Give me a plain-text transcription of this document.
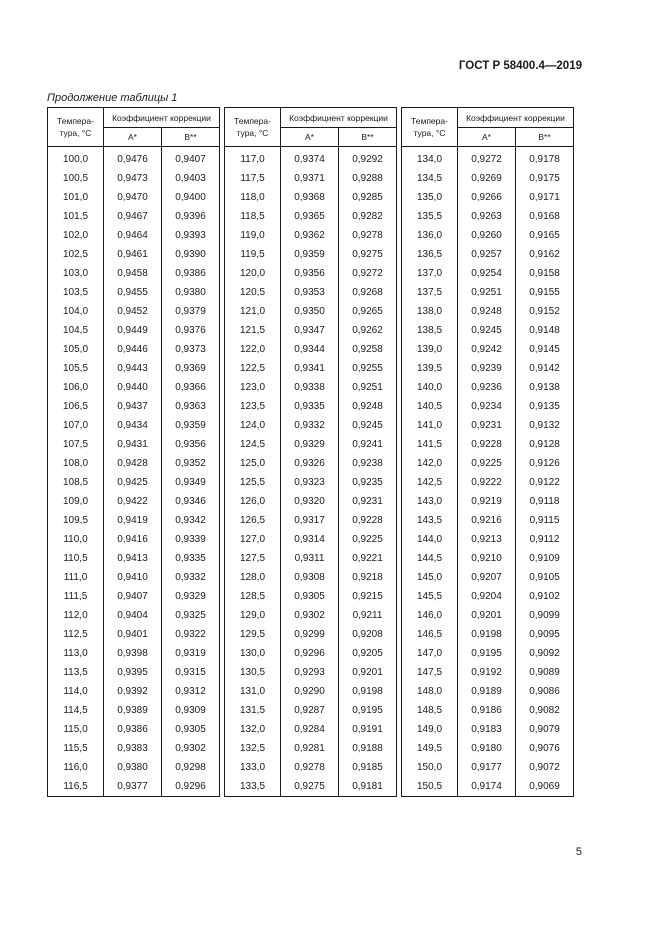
ГОСТ Р 58400.4—2019
Продолжение таблицы 1
Темпера-
тура, °С	Коэффициент коррекции	
	A*	B**

100,0	0,9476	0,9407
100,5	0,9473	0,9403
101,0	0,9470	0,9400
101,5	0,9467	0,9396
102,0	0,9464	0,9393
102,5	0,9461	0,9390
103,0	0,9458	0,9386
103,5	0,9455	0,9380
104,0	0,9452	0,9379
104,5	0,9449	0,9376
105,0	0,9446	0,9373
105,5	0,9443	0,9369
106,0	0,9440	0,9366
106,5	0,9437	0,9363
107,0	0,9434	0,9359
107,5	0,9431	0,9356
108,0	0,9428	0,9352
108,5	0,9425	0,9349
109,0	0,9422	0,9346
109,5	0,9419	0,9342
110,0	0,9416	0,9339
110,5	0,9413	0,9335
111,0	0,9410	0,9332
111,5	0,9407	0,9329
112,0	0,9404	0,9325
112,5	0,9401	0,9322
113,0	0,9398	0,9319
113,5	0,9395	0,9315
114,0	0,9392	0,9312
114,5	0,9389	0,9309
115,0	0,9386	0,9305
115,5	0,9383	0,9302
116,0	0,9380	0,9298
116,5	0,9377	0,9296
Темпера-
тура, °С	Коэффициент коррекции	
	A*	B**

117,0	0,9374	0,9292
117,5	0,9371	0,9288
118,0	0,9368	0,9285
118,5	0,9365	0,9282
119,0	0,9362	0,9278
119,5	0,9359	0,9275
120,0	0,9356	0,9272
120,5	0,9353	0,9268
121,0	0,9350	0,9265
121,5	0,9347	0,9262
122,0	0,9344	0,9258
122,5	0,9341	0,9255
123,0	0,9338	0,9251
123,5	0,9335	0,9248
124,0	0,9332	0,9245
124,5	0,9329	0,9241
125,0	0,9326	0,9238
125,5	0,9323	0,9235
126,0	0,9320	0,9231
126,5	0,9317	0,9228
127,0	0,9314	0,9225
127,5	0,9311	0,9221
128,0	0,9308	0,9218
128,5	0,9305	0,9215
129,0	0,9302	0,9211
129,5	0,9299	0,9208
130,0	0,9296	0,9205
130,5	0,9293	0,9201
131,0	0,9290	0,9198
131,5	0,9287	0,9195
132,0	0,9284	0,9191
132,5	0,9281	0,9188
133,0	0,9278	0,9185
133,5	0,9275	0,9181
Темпера-
тура, °С	Коэффициент коррекции	
	A*	B**

134,0	0,9272	0,9178
134,5	0,9269	0,9175
135,0	0,9266	0,9171
135,5	0,9263	0,9168
136,0	0,9260	0,9165
136,5	0,9257	0,9162
137,0	0,9254	0,9158
137,5	0,9251	0,9155
138,0	0,9248	0,9152
138,5	0,9245	0,9148
139,0	0,9242	0,9145
139,5	0,9239	0,9142
140,0	0,9236	0,9138
140,5	0,9234	0,9135
141,0	0,9231	0,9132
141,5	0,9228	0,9128
142,0	0,9225	0,9126
142,5	0,9222	0,9122
143,0	0,9219	0,9118
143,5	0,9216	0,9115
144,0	0,9213	0,9112
144,5	0,9210	0,9109
145,0	0,9207	0,9105
145,5	0,9204	0,9102
146,0	0,9201	0,9099
146,5	0,9198	0,9095
147,0	0,9195	0,9092
147,5	0,9192	0,9089
148,0	0,9189	0,9086
148,5	0,9186	0,9082
149,0	0,9183	0,9079
149,5	0,9180	0,9076
150,0	0,9177	0,9072
150,5	0,9174	0,9069
5
